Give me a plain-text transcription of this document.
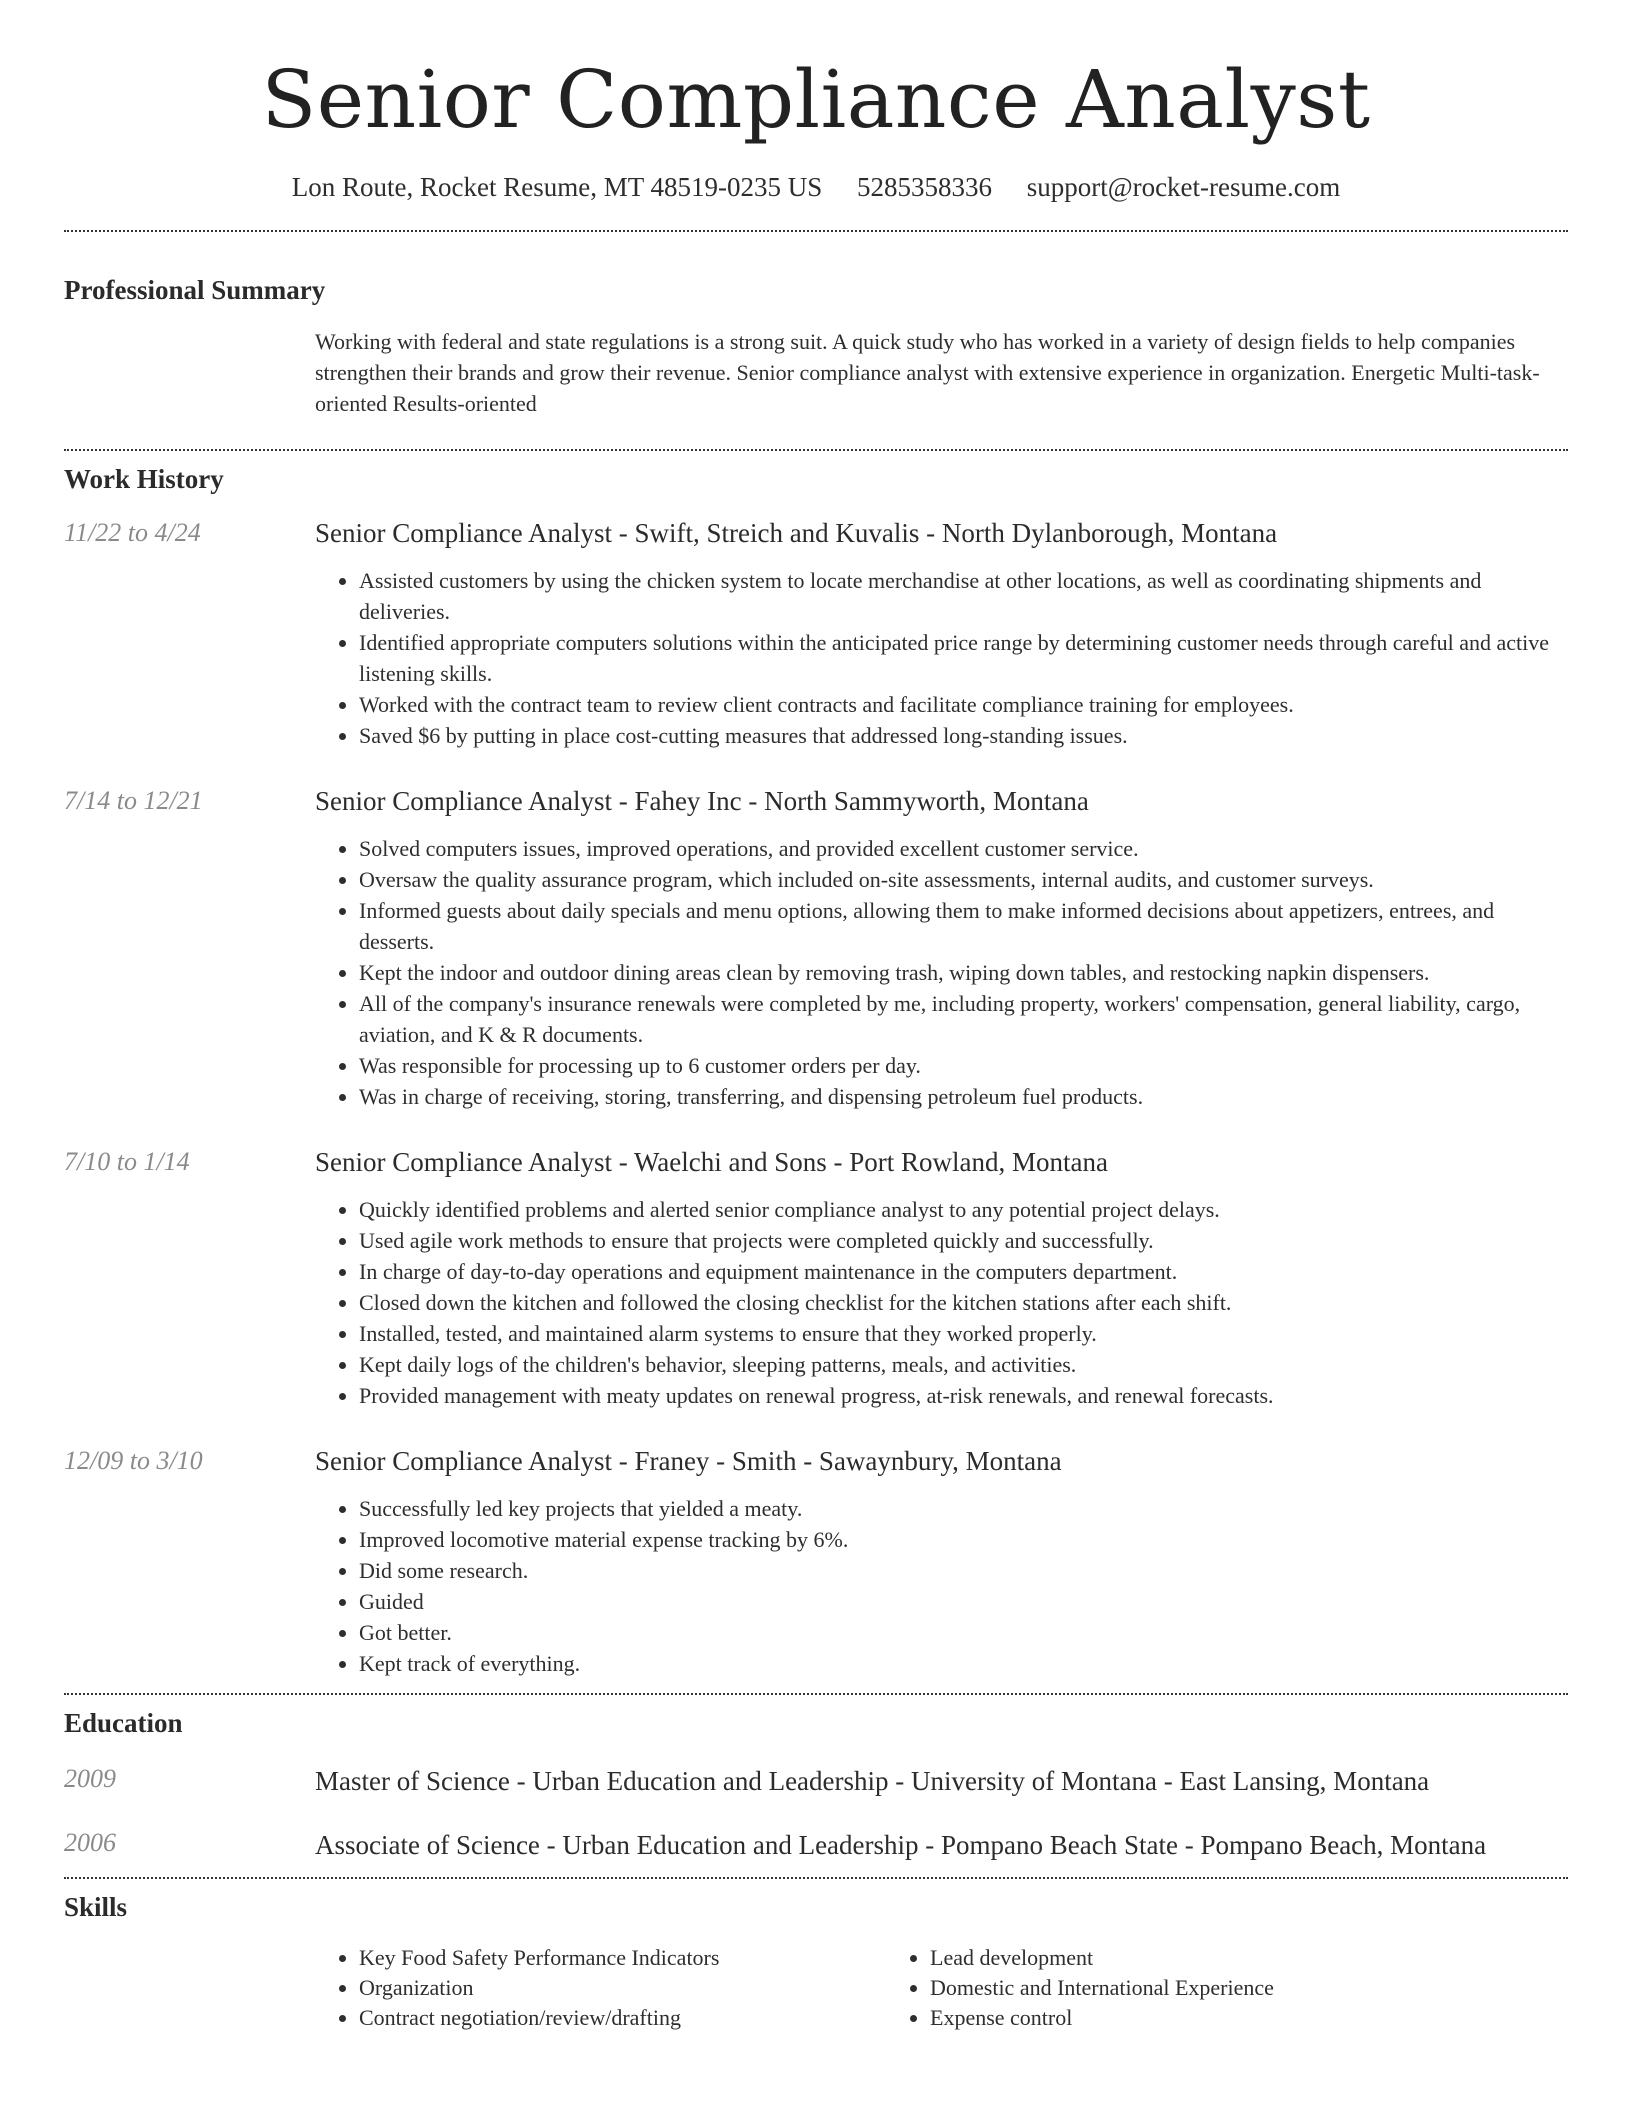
Senior Compliance Analyst
Lon Route, Rocket Resume, MT 48519-0235 US 5285358336 support@rocket-resume.com
Professional Summary
Working with federal and state regulations is a strong suit. A quick study who has worked in a variety of design fields to help companies strengthen their brands and grow their revenue. Senior compliance analyst with extensive experience in organization. Energetic Multi-task-oriented Results-oriented
Work History
11/22 to 4/24	Senior Compliance Analyst - Swift, Streich and Kuvalis - North Dylanborough, Montana
• Assisted customers by using the chicken system to locate merchandise at other locations, as well as coordinating shipments and deliveries.
• Identified appropriate computers solutions within the anticipated price range by determining customer needs through careful and active listening skills.
• Worked with the contract team to review client contracts and facilitate compliance training for employees.
• Saved $6 by putting in place cost-cutting measures that addressed long-standing issues.
7/14 to 12/21	Senior Compliance Analyst - Fahey Inc - North Sammyworth, Montana
• Solved computers issues, improved operations, and provided excellent customer service.
• Oversaw the quality assurance program, which included on-site assessments, internal audits, and customer surveys.
• Informed guests about daily specials and menu options, allowing them to make informed decisions about appetizers, entrees, and desserts.
• Kept the indoor and outdoor dining areas clean by removing trash, wiping down tables, and restocking napkin dispensers.
• All of the company's insurance renewals were completed by me, including property, workers' compensation, general liability, cargo, aviation, and K & R documents.
• Was responsible for processing up to 6 customer orders per day.
• Was in charge of receiving, storing, transferring, and dispensing petroleum fuel products.
7/10 to 1/14	Senior Compliance Analyst - Waelchi and Sons - Port Rowland, Montana
• Quickly identified problems and alerted senior compliance analyst to any potential project delays.
• Used agile work methods to ensure that projects were completed quickly and successfully.
• In charge of day-to-day operations and equipment maintenance in the computers department.
• Closed down the kitchen and followed the closing checklist for the kitchen stations after each shift.
• Installed, tested, and maintained alarm systems to ensure that they worked properly.
• Kept daily logs of the children's behavior, sleeping patterns, meals, and activities.
• Provided management with meaty updates on renewal progress, at-risk renewals, and renewal forecasts.
12/09 to 3/10	Senior Compliance Analyst - Franey - Smith - Sawaynbury, Montana
• Successfully led key projects that yielded a meaty.
• Improved locomotive material expense tracking by 6%.
• Did some research.
• Guided
• Got better.
• Kept track of everything.
Education
2009	Master of Science - Urban Education and Leadership - University of Montana - East Lansing, Montana
2006	Associate of Science - Urban Education and Leadership - Pompano Beach State - Pompano Beach, Montana
Skills
• Key Food Safety Performance Indicators
• Organization
• Contract negotiation/review/drafting
• Lead development
• Domestic and International Experience
• Expense control
